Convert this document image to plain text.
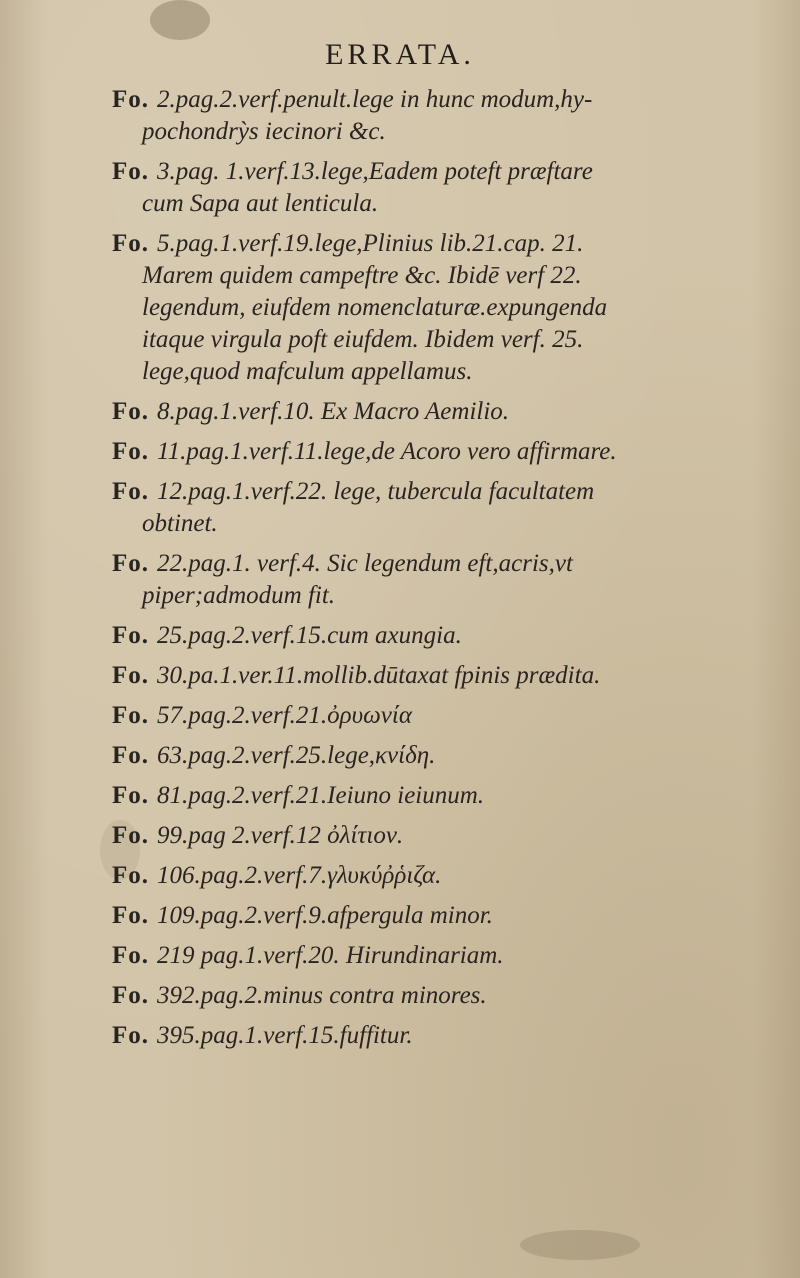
ERRATA.
Fo. 2.pag.2.verf.penult.lege in hunc modum,hy-
pochondrỳs iecinori &c.
Fo. 3.pag. 1.verf.13.lege,Eadem poteft præftare
cum Sapa aut lenticula.
Fo. 5.pag.1.verf.19.lege,Plinius lib.21.cap. 21.
Marem quidem campeftre &c. Ibidē verf 22.
legendum, eiufdem nomenclaturæ.expungenda
itaque virgula poft eiufdem. Ibidem verf. 25.
lege,quod mafculum appellamus.
Fo. 8.pag.1.verf.10. Ex Macro Aemilio.
Fo. 11.pag.1.verf.11.lege,de Acoro vero affirmare.
Fo. 12.pag.1.verf.22. lege, tubercula facultatem
obtinet.
Fo. 22.pag.1. verf.4. Sic legendum eft,acris,vt
piper;admodum fit.
Fo. 25.pag.2.verf.15.cum axungia.
Fo. 30.pa.1.ver.11.mollib.dūtaxat fpinis prædita.
Fo. 57.pag.2.verf.21.ὀρυωνία
Fo. 63.pag.2.verf.25.lege,κνίδη.
Fo. 81.pag.2.verf.21.Ieiuno ieiunum.
Fo. 99.pag 2.verf.12 ὀλίτιον.
Fo. 106.pag.2.verf.7.γλυκύῤῥιζα.
Fo. 109.pag.2.verf.9.afpergula minor.
Fo. 219 pag.1.verf.20. Hirundinariam.
Fo. 392.pag.2.minus contra minores.
Fo. 395.pag.1.verf.15.fuffitur.
